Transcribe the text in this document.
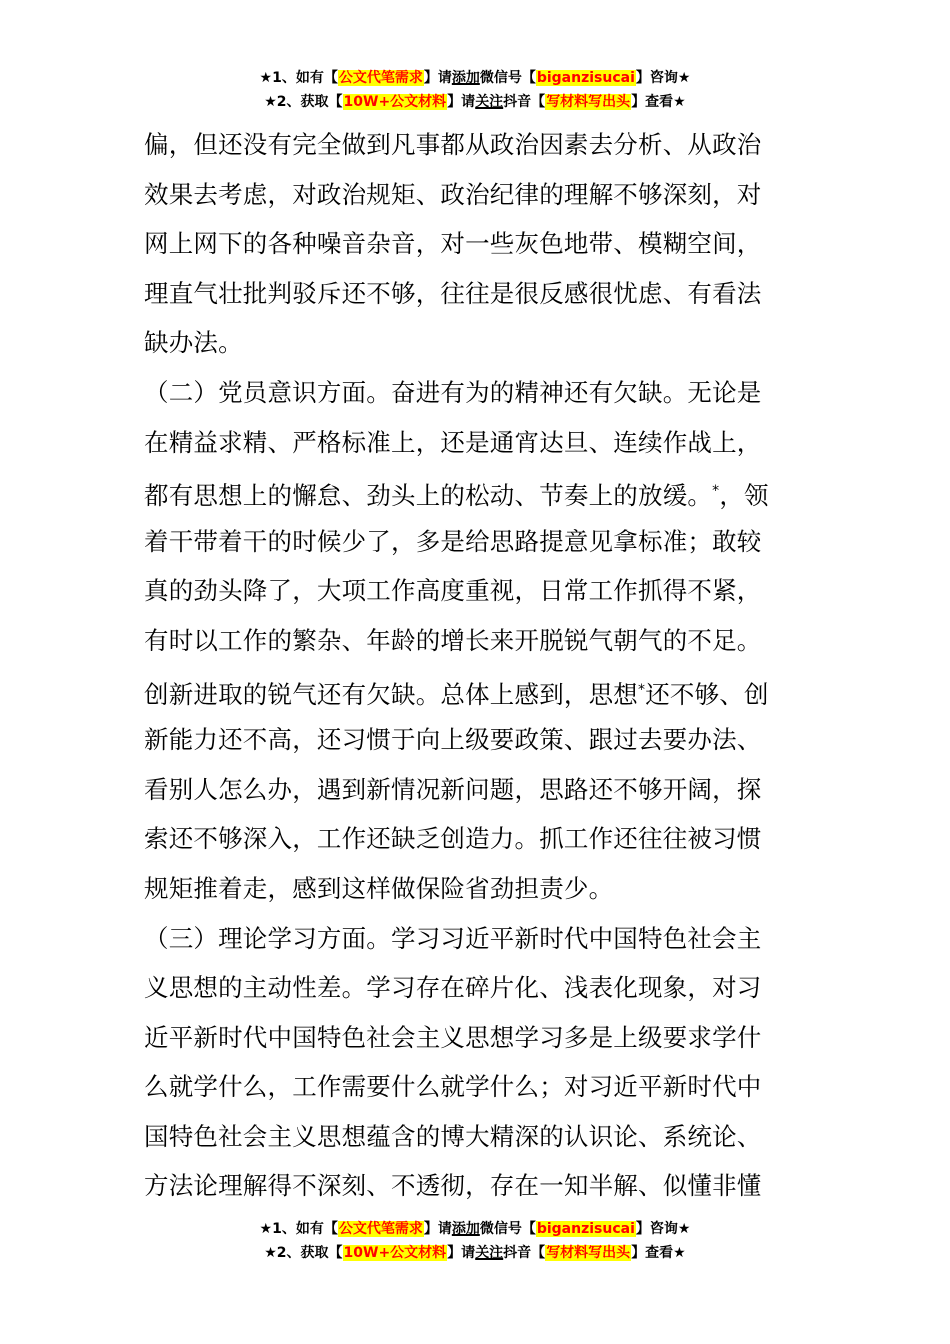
★1、如有【公文代笔需求】请添加微信号【biganzisucai】咨询★
★2、获取【10W+公文材料】请关注抖音【写材料写出头】查看★
偏，但还没有完全做到凡事都从政治因素去分析、从政治
效果去考虑，对政治规矩、政治纪律的理解不够深刻，对
网上网下的各种噪音杂音，对一些灰色地带、模糊空间，
理直气壮批判驳斥还不够，往往是很反感很忧虑、有看法
缺办法。
（二）党员意识方面。奋进有为的精神还有欠缺。无论是
在精益求精、严格标准上，还是通宵达旦、连续作战上，
都有思想上的懈怠、劲头上的松动、节奏上的放缓。*，领
着干带着干的时候少了，多是给思路提意见拿标准；敢较
真的劲头降了，大项工作高度重视，日常工作抓得不紧，
有时以工作的繁杂、年龄的增长来开脱锐气朝气的不足。
创新进取的锐气还有欠缺。总体上感到，思想*还不够、创
新能力还不高，还习惯于向上级要政策、跟过去要办法、
看别人怎么办，遇到新情况新问题，思路还不够开阔，探
索还不够深入，工作还缺乏创造力。抓工作还往往被习惯
规矩推着走，感到这样做保险省劲担责少。
（三）理论学习方面。学习习近平新时代中国特色社会主
义思想的主动性差。学习存在碎片化、浅表化现象，对习
近平新时代中国特色社会主义思想学习多是上级要求学什
么就学什么，工作需要什么就学什么；对习近平新时代中
国特色社会主义思想蕴含的博大精深的认识论、系统论、
方法论理解得不深刻、不透彻，存在一知半解、似懂非懂
★1、如有【公文代笔需求】请添加微信号【biganzisucai】咨询★
★2、获取【10W+公文材料】请关注抖音【写材料写出头】查看★
